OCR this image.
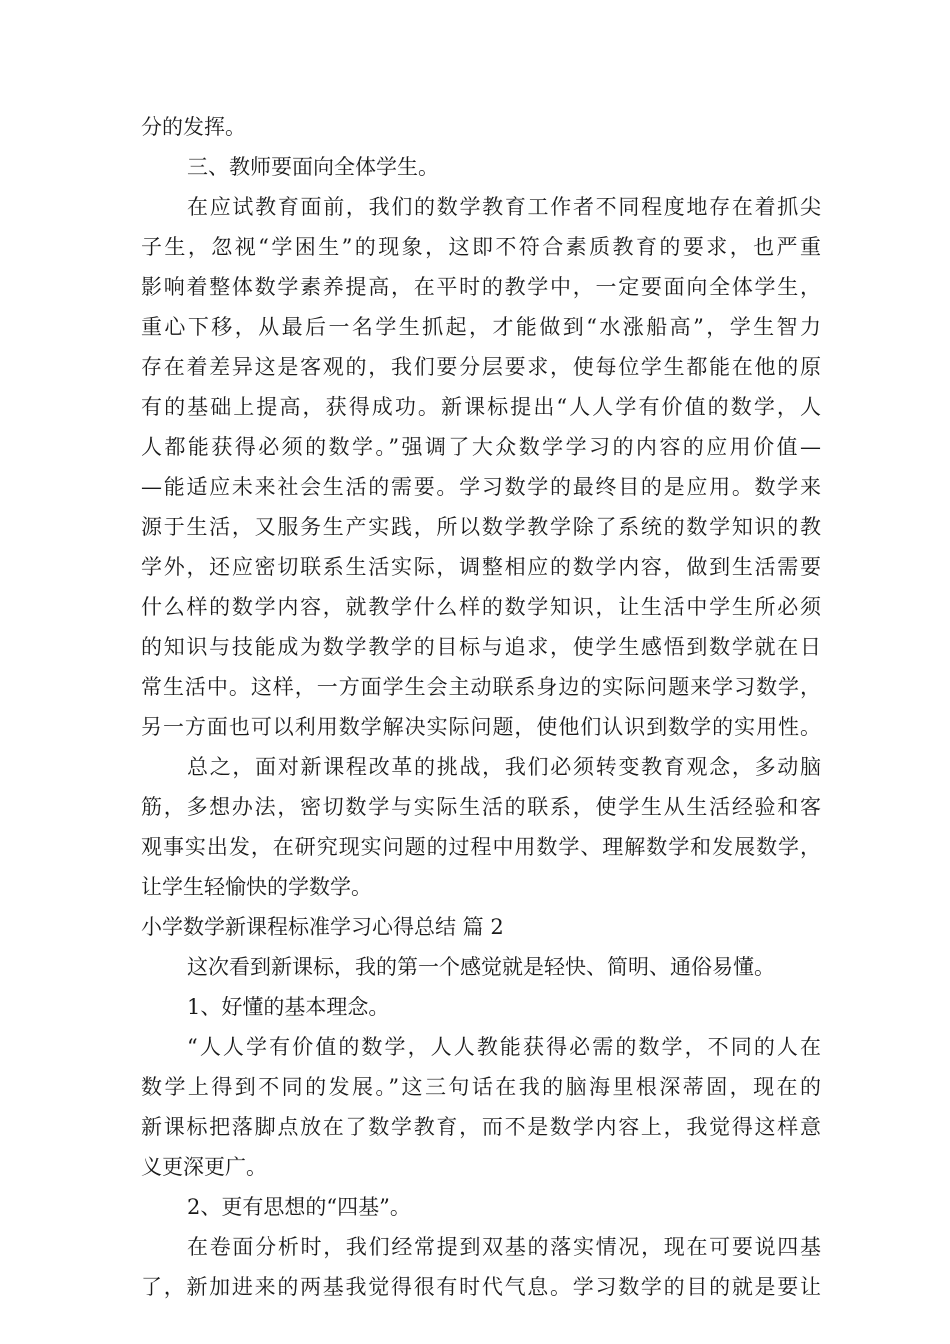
分的发挥。
三、教师要面向全体学生。
在应试教育面前，我们的数学教育工作者不同程度地存在着抓尖
子生，忽视“学困生”的现象，这即不符合素质教育的要求，也严重
影响着整体数学素养提高，在平时的教学中，一定要面向全体学生，
重心下移，从最后一名学生抓起，才能做到“水涨船高”，学生智力
存在着差异这是客观的，我们要分层要求，使每位学生都能在他的原
有的基础上提高，获得成功。新课标提出“人人学有价值的数学，人
人都能获得必须的数学。”强调了大众数学学习的内容的应用价值—
—能适应未来社会生活的需要。学习数学的最终目的是应用。数学来
源于生活，又服务生产实践，所以数学教学除了系统的数学知识的教
学外，还应密切联系生活实际，调整相应的数学内容，做到生活需要
什么样的数学内容，就教学什么样的数学知识，让生活中学生所必须
的知识与技能成为数学教学的目标与追求，使学生感悟到数学就在日
常生活中。这样，一方面学生会主动联系身边的实际问题来学习数学，
另一方面也可以利用数学解决实际问题，使他们认识到数学的实用性。
总之，面对新课程改革的挑战，我们必须转变教育观念，多动脑
筋，多想办法，密切数学与实际生活的联系，使学生从生活经验和客
观事实出发，在研究现实问题的过程中用数学、理解数学和发展数学，
让学生轻愉快的学数学。
小学数学新课程标准学习心得总结 篇 2
这次看到新课标，我的第一个感觉就是轻快、简明、通俗易懂。
1、好懂的基本理念。
“人人学有价值的数学，人人教能获得必需的数学，不同的人在
数学上得到不同的发展。”这三句话在我的脑海里根深蒂固，现在的
新课标把落脚点放在了数学教育，而不是数学内容上，我觉得这样意
义更深更广。
2、更有思想的“四基”。
在卷面分析时，我们经常提到双基的落实情况，现在可要说四基
了，新加进来的两基我觉得很有时代气息。学习数学的目的就是要让
